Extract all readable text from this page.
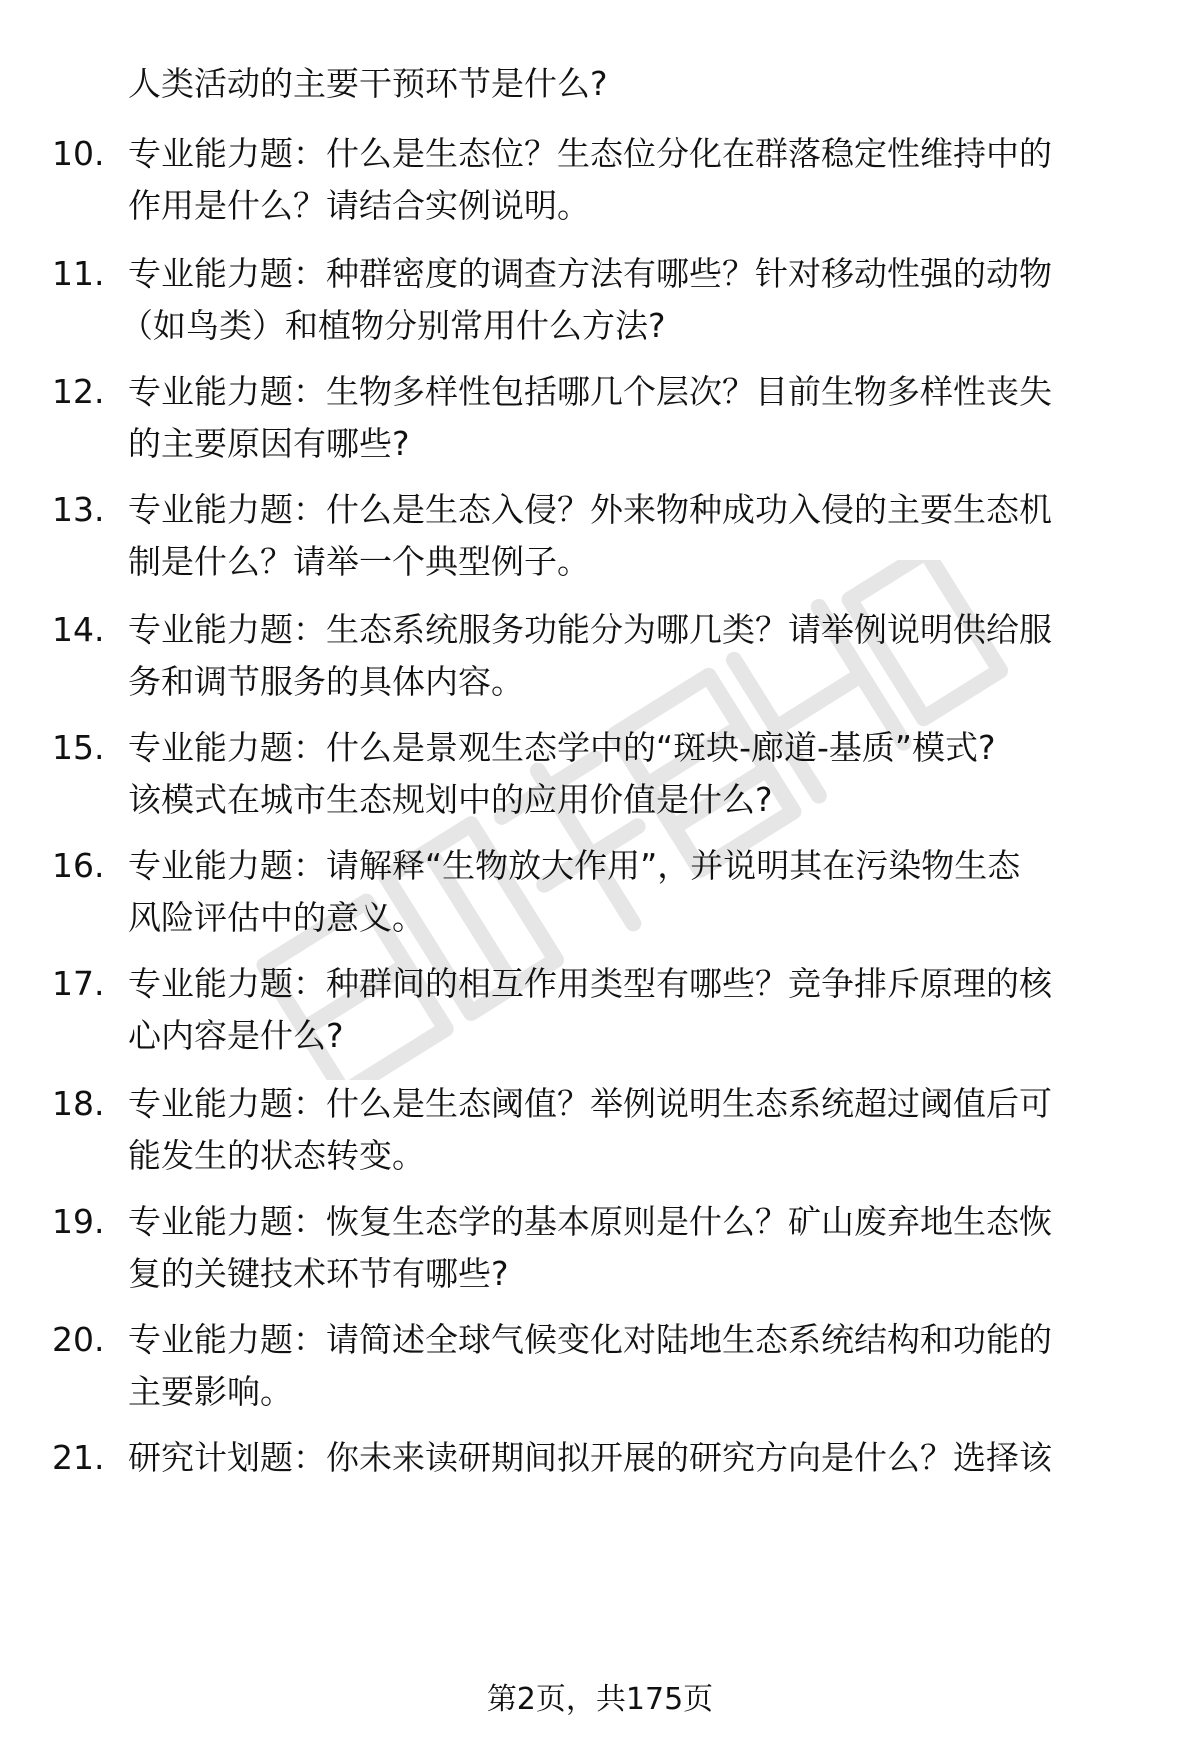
人类活动的主要干预环节是什么?
10. 专业能力题：什么是生态位？生态位分化在群落稳定性维持中的
作用是什么？请结合实例说明。
11. 专业能力题：种群密度的调查方法有哪些？针对移动性强的动物
（如鸟类）和植物分别常用什么方法?
12. 专业能力题：生物多样性包括哪几个层次？目前生物多样性丧失
的主要原因有哪些?
13. 专业能力题：什么是生态入侵？外来物种成功入侵的主要生态机
制是什么？请举一个典型例子。
14. 专业能力题：生态系统服务功能分为哪几类？请举例说明供给服
务和调节服务的具体内容。
15. 专业能力题：什么是景观生态学中的“斑块-廊道-基质”模式?
该模式在城市生态规划中的应用价值是什么?
16. 专业能力题：请解释“生物放大作用”，并说明其在污染物生态
风险评估中的意义。
17. 专业能力题：种群间的相互作用类型有哪些？竞争排斥原理的核
心内容是什么?
18. 专业能力题：什么是生态阈值？举例说明生态系统超过阈值后可
能发生的状态转变。
19. 专业能力题：恢复生态学的基本原则是什么？矿山废弃地生态恢
复的关键技术环节有哪些?
20. 专业能力题：请简述全球气候变化对陆地生态系统结构和功能的
主要影响。
21. 研究计划题：你未来读研期间拟开展的研究方向是什么？选择该
第2页，共175页
